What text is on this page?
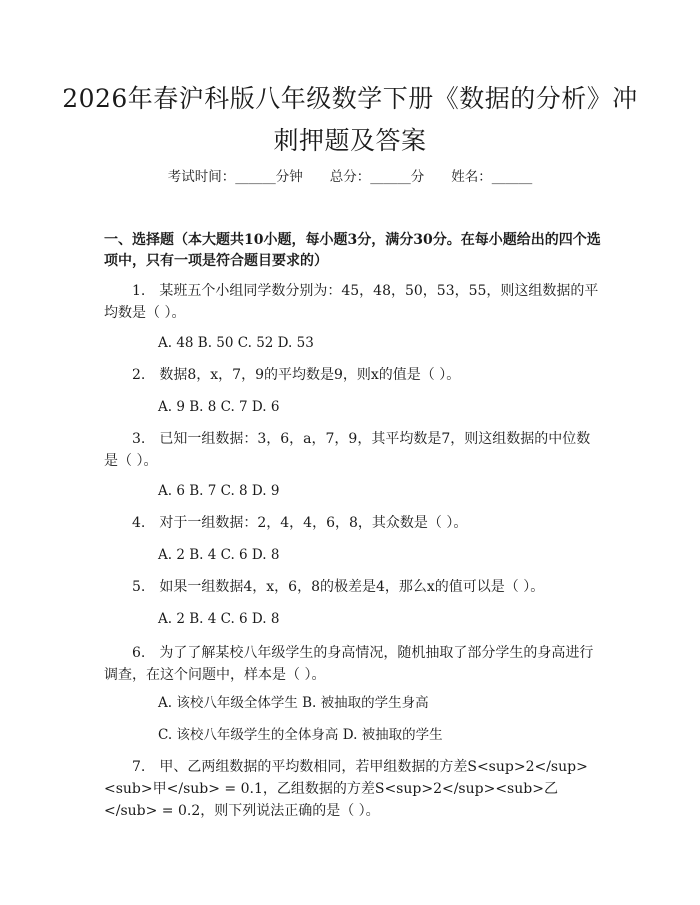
2026年春沪科版八年级数学下册《数据的分析》冲刺押题及答案
考试时间：______分钟　　总分：______分　　姓名：______
一、选择题（本大题共10小题，每小题3分，满分30分。在每小题给出的四个选项中，只有一项是符合题目要求的）
1.　某班五个小组同学数分别为：45，48，50，53，55，则这组数据的平均数是（ ）。
A. 48 B. 50 C. 52 D. 53
2.　数据8，x，7，9的平均数是9，则x的值是（ ）。
A. 9 B. 8 C. 7 D. 6
3.　已知一组数据：3，6，a，7，9，其平均数是7，则这组数据的中位数是（ ）。
A. 6 B. 7 C. 8 D. 9
4.　对于一组数据：2，4，4，6，8，其众数是（ ）。
A. 2 B. 4 C. 6 D. 8
5.　如果一组数据4，x，6，8的极差是4，那么x的值可以是（ ）。
A. 2 B. 4 C. 6 D. 8
6.　为了了解某校八年级学生的身高情况，随机抽取了部分学生的身高进行调查，在这个问题中，样本是（ ）。
A. 该校八年级全体学生 B. 被抽取的学生身高
C. 该校八年级学生的全体身高 D. 被抽取的学生
7.　甲、乙两组数据的平均数相同，若甲组数据的方差S<sup>2</sup><sub>甲</sub> = 0.1，乙组数据的方差S<sup>2</sup><sub>乙</sub> = 0.2，则下列说法正确的是（ ）。
